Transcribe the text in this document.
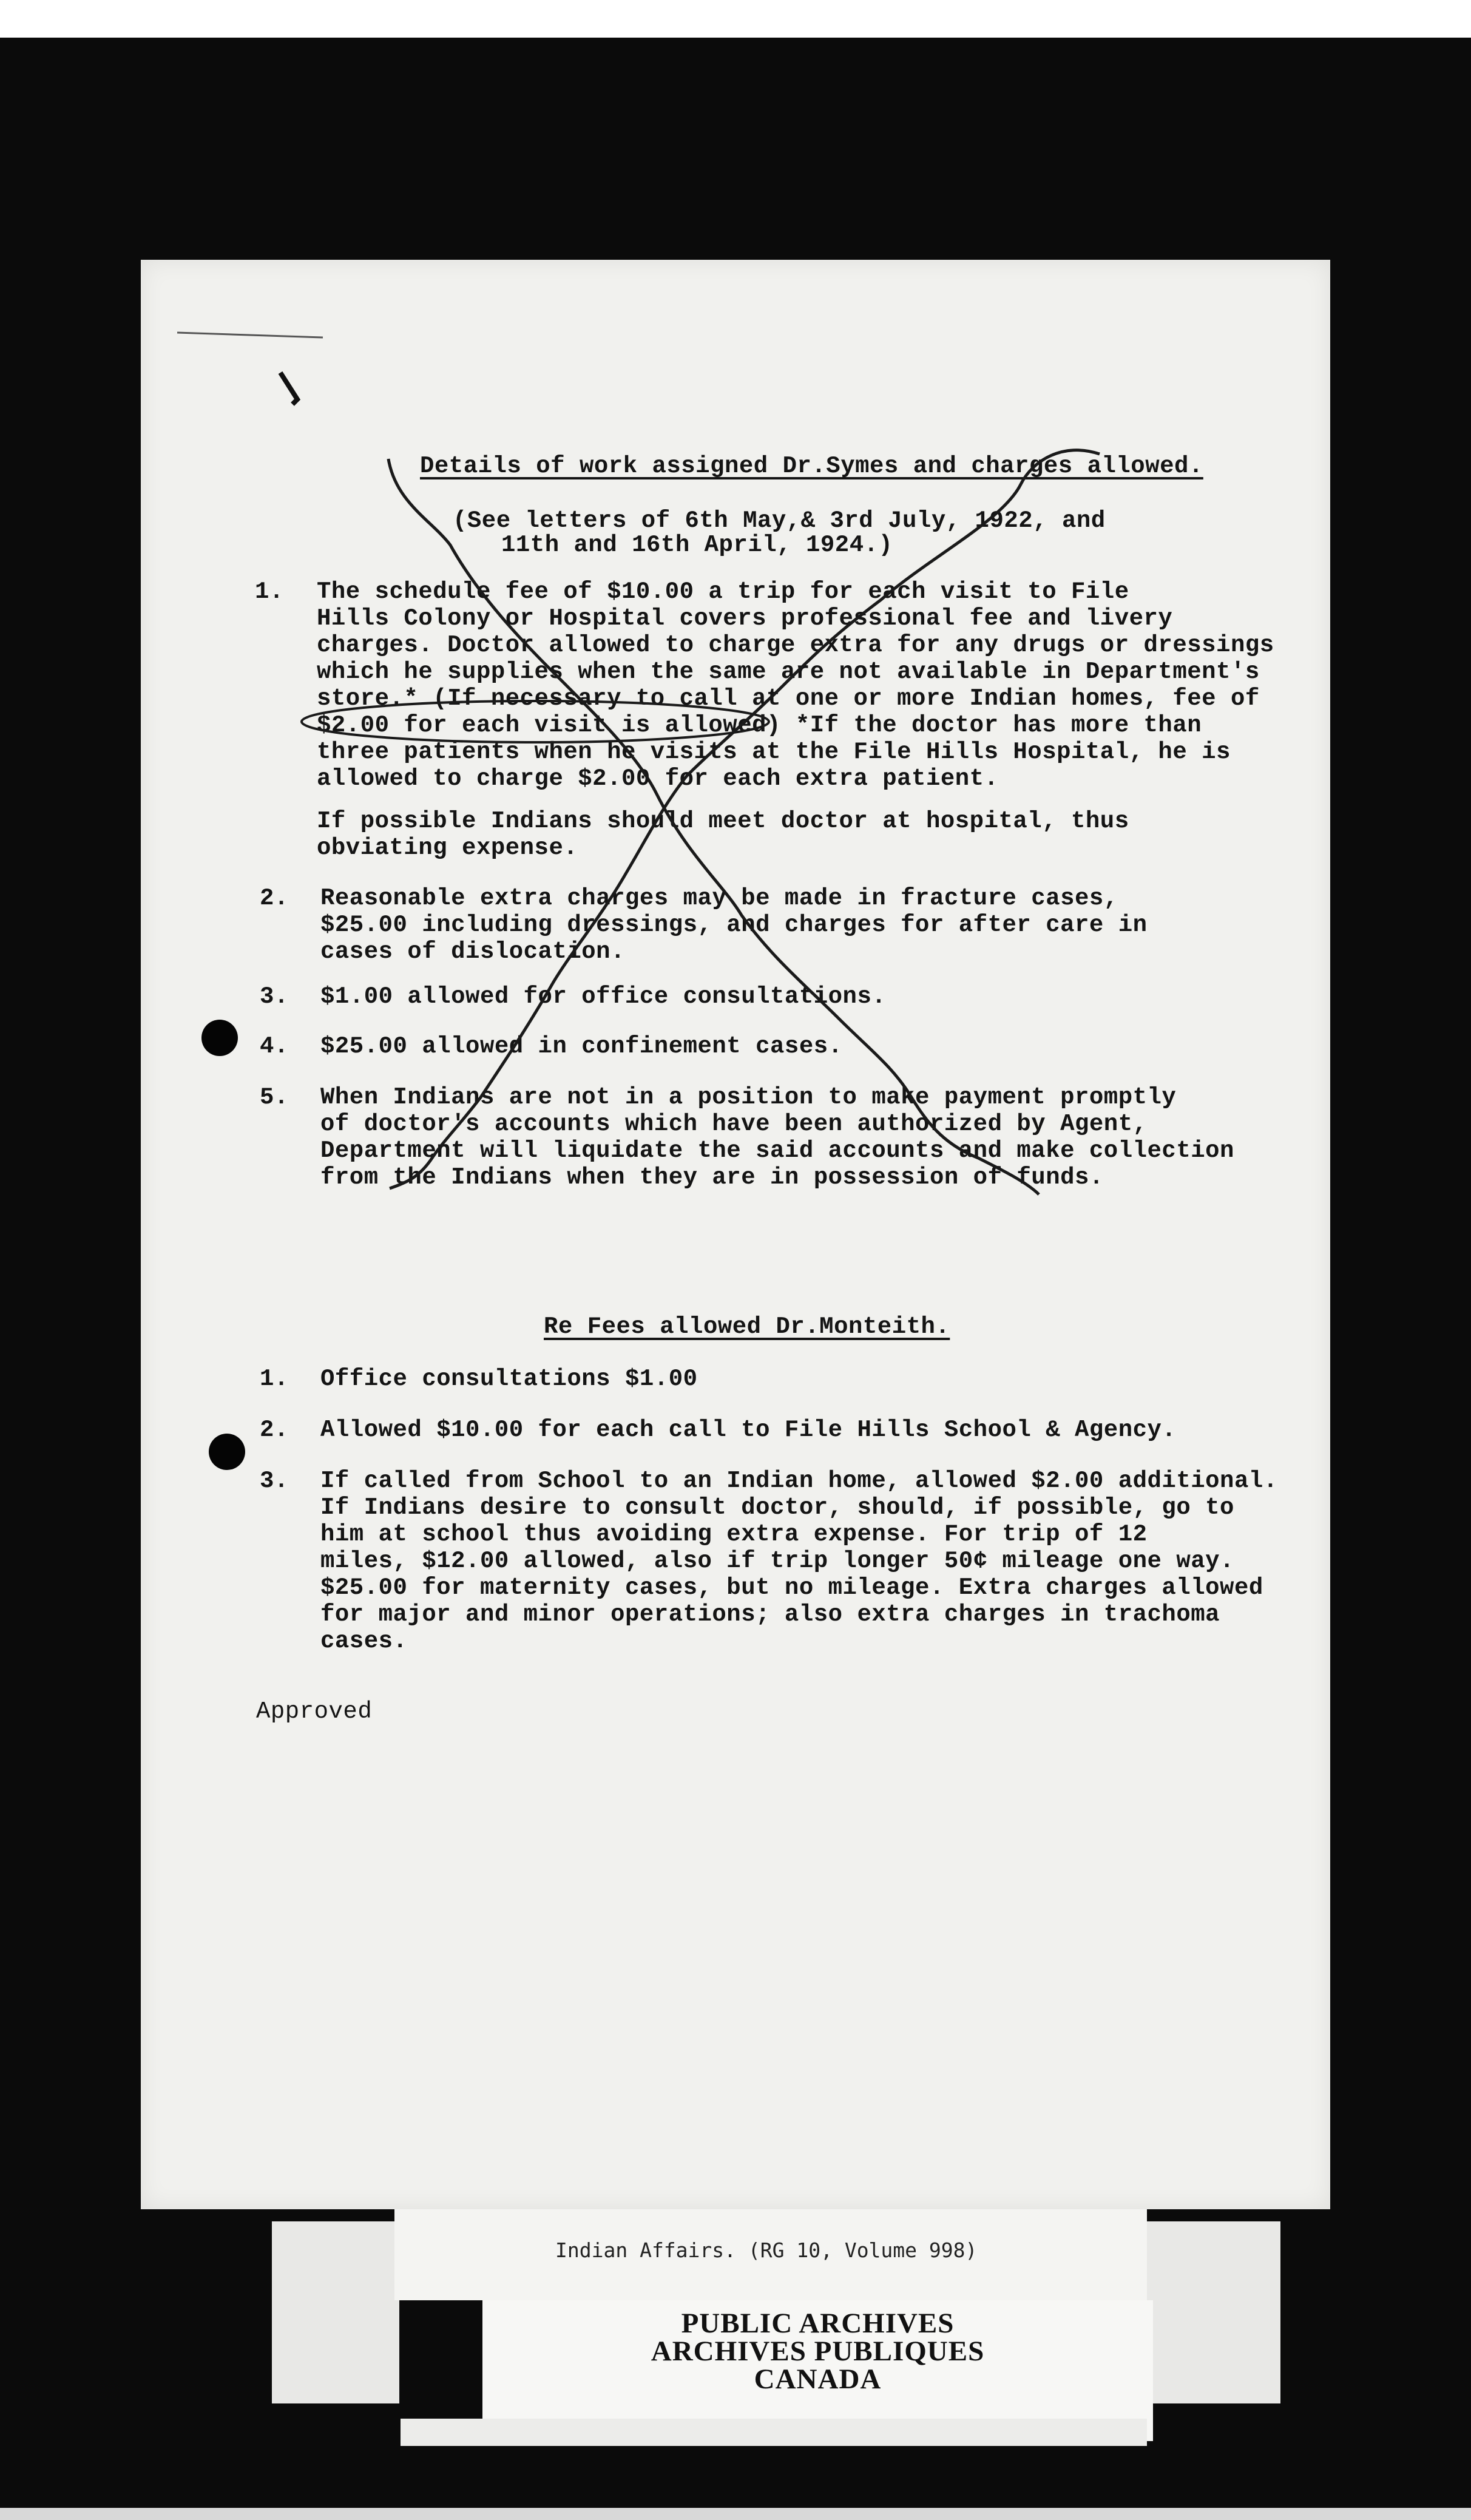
Details of work assigned Dr.Symes and charges allowed.
(See letters of 6th May,& 3rd July, 1922, and
11th and 16th April, 1924.)
1. The schedule fee of $10.00 a trip for each visit to File
Hills Colony or Hospital covers professional fee and livery
charges. Doctor allowed to charge extra for any drugs or dressings
which he supplies when the same are not available in Department's
store.* (If necessary to call at one or more Indian homes, fee of
$2.00 for each visit is allowed) *If the doctor has more than
three patients when he visits at the File Hills Hospital, he is
allowed to charge $2.00 for each extra patient.
If possible Indians should meet doctor at hospital, thus
obviating expense.
2. Reasonable extra charges may be made in fracture cases,
$25.00 including dressings, and charges for after care in
cases of dislocation.
3. $1.00 allowed for office consultations.
4. $25.00 allowed in confinement cases.
5. When Indians are not in a position to make payment promptly
of doctor's accounts which have been authorized by Agent,
Department will liquidate the said accounts and make collection
from the Indians when they are in possession of funds.
Re Fees allowed Dr.Monteith.
1. Office consultations $1.00
2. Allowed $10.00 for each call to File Hills School & Agency.
3. If called from School to an Indian home, allowed $2.00 additional.
If Indians desire to consult doctor, should, if possible, go to
him at school thus avoiding extra expense. For trip of 12
miles, $12.00 allowed, also if trip longer 50¢ mileage one way.
$25.00 for maternity cases, but no mileage. Extra charges allowed
for major and minor operations; also extra charges in trachoma
cases.
Approved
Indian Affairs. (RG 10, Volume 998)
PUBLIC ARCHIVES
ARCHIVES PUBLIQUES
CANADA
